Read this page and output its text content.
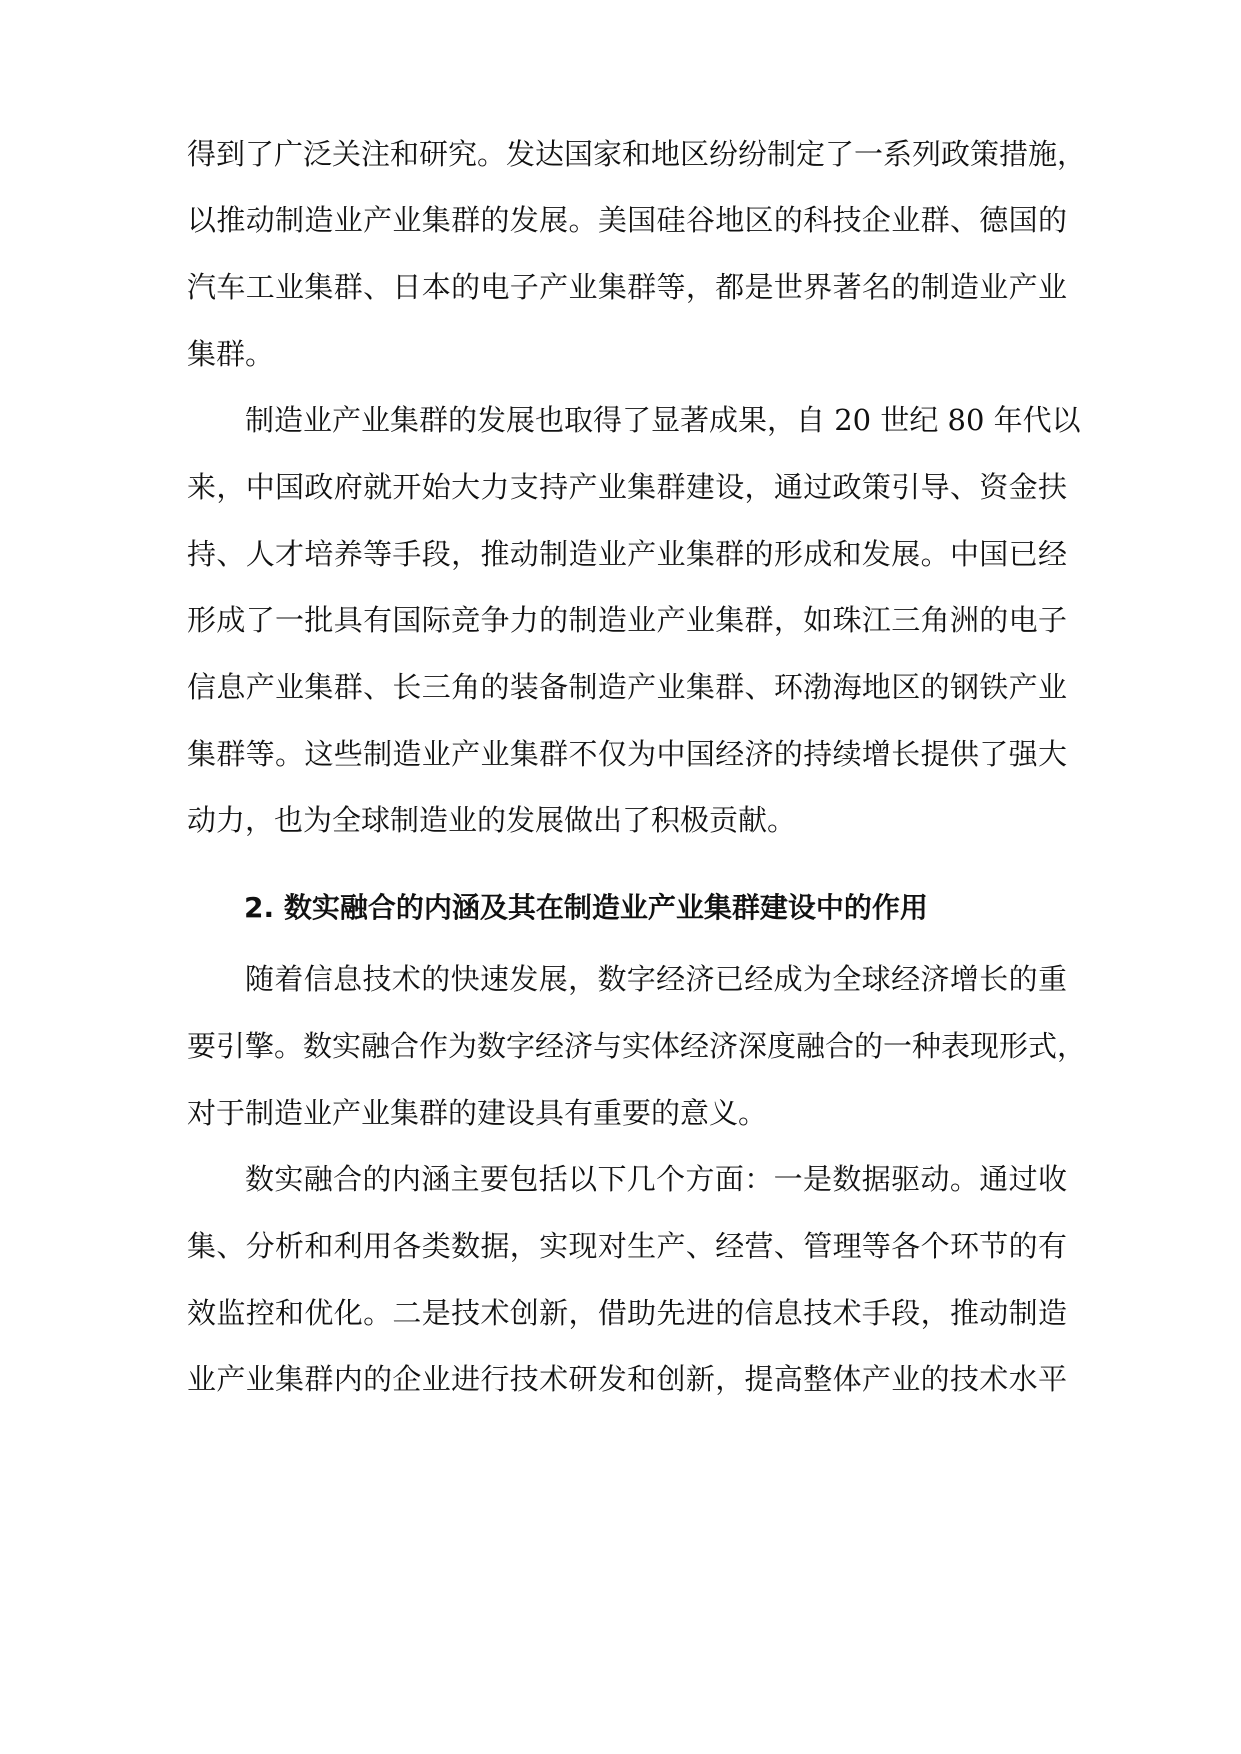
得到了广泛关注和研究。发达国家和地区纷纷制定了一系列政策措施，
以推动制造业产业集群的发展。美国硅谷地区的科技企业群、德国的
汽车工业集群、日本的电子产业集群等，都是世界著名的制造业产业
集群。
制造业产业集群的发展也取得了显著成果，自 20 世纪 80 年代以
来，中国政府就开始大力支持产业集群建设，通过政策引导、资金扶
持、人才培养等手段，推动制造业产业集群的形成和发展。中国已经
形成了一批具有国际竞争力的制造业产业集群，如珠江三角洲的电子
信息产业集群、长三角的装备制造产业集群、环渤海地区的钢铁产业
集群等。这些制造业产业集群不仅为中国经济的持续增长提供了强大
动力，也为全球制造业的发展做出了积极贡献。
2. 数实融合的内涵及其在制造业产业集群建设中的作用
随着信息技术的快速发展，数字经济已经成为全球经济增长的重
要引擎。数实融合作为数字经济与实体经济深度融合的一种表现形式，
对于制造业产业集群的建设具有重要的意义。
数实融合的内涵主要包括以下几个方面：一是数据驱动。通过收
集、分析和利用各类数据，实现对生产、经营、管理等各个环节的有
效监控和优化。二是技术创新，借助先进的信息技术手段，推动制造
业产业集群内的企业进行技术研发和创新，提高整体产业的技术水平
